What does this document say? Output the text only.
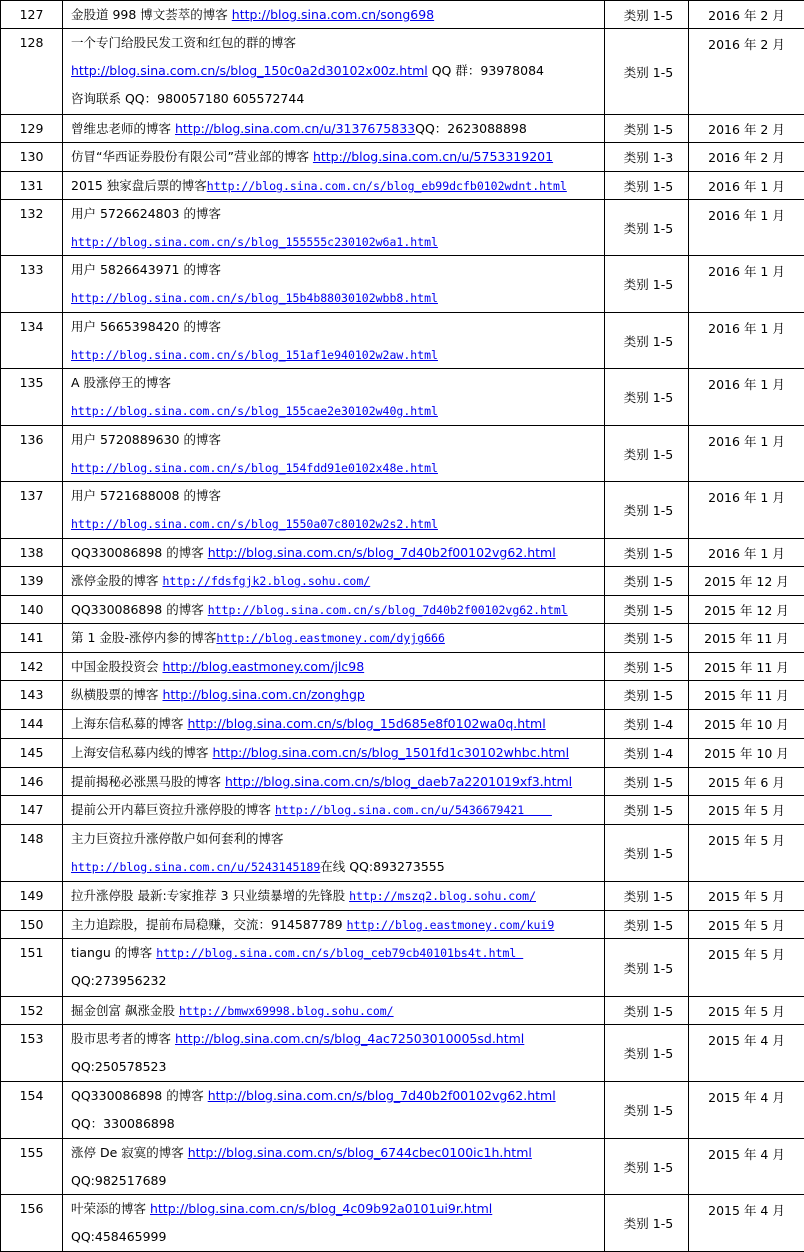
127	金股道 998 博文荟萃的博客 http://blog.sina.com.cn/song698	类别 1-5	2016 年 2 月
128	一个专门给股民发工资和红包的群的博客
http://blog.sina.com.cn/s/blog_150c0a2d30102x00z.html QQ 群：93978084
咨询联系 QQ：980057180 605572744	类别 1-5	2016 年 2 月
129	曾维忠老师的博客 http://blog.sina.com.cn/u/3137675833QQ：2623088898	类别 1-5	2016 年 2 月
130	仿冒“华西证券股份有限公司”营业部的博客 http://blog.sina.com.cn/u/5753319201	类别 1-3	2016 年 2 月
131	2015 独家盘后票的博客http://blog.sina.com.cn/s/blog_eb99dcfb0102wdnt.html	类别 1-5	2016 年 1 月
132	用户 5726624803 的博客
http://blog.sina.com.cn/s/blog_155555c230102w6a1.html	类别 1-5	2016 年 1 月
133	用户 5826643971 的博客
http://blog.sina.com.cn/s/blog_15b4b88030102wbb8.html	类别 1-5	2016 年 1 月
134	用户 5665398420 的博客
http://blog.sina.com.cn/s/blog_151af1e940102w2aw.html	类别 1-5	2016 年 1 月
135	A 股涨停王的博客
http://blog.sina.com.cn/s/blog_155cae2e30102w40g.html	类别 1-5	2016 年 1 月
136	用户 5720889630 的博客
http://blog.sina.com.cn/s/blog_154fdd91e0102x48e.html	类别 1-5	2016 年 1 月
137	用户 5721688008 的博客
http://blog.sina.com.cn/s/blog_1550a07c80102w2s2.html	类别 1-5	2016 年 1 月
138	QQ330086898 的博客 http://blog.sina.com.cn/s/blog_7d40b2f00102vg62.html	类别 1-5	2016 年 1 月
139	涨停金股的博客 http://fdsfgjk2.blog.sohu.com/	类别 1-5	2015 年 12 月
140	QQ330086898 的博客 http://blog.sina.com.cn/s/blog_7d40b2f00102vg62.html	类别 1-5	2015 年 12 月
141	第 1 金股-涨停内参的博客http://blog.eastmoney.com/dyjg666	类别 1-5	2015 年 11 月
142	中国金股投资会 http://blog.eastmoney.com/jlc98	类别 1-5	2015 年 11 月
143	纵横股票的博客 http://blog.sina.com.cn/zonghgp	类别 1-5	2015 年 11 月
144	上海东信私募的博客 http://blog.sina.com.cn/s/blog_15d685e8f0102wa0q.html	类别 1-4	2015 年 10 月
145	上海安信私募内线的博客 http://blog.sina.com.cn/s/blog_1501fd1c30102whbc.html	类别 1-4	2015 年 10 月
146	提前揭秘必涨黑马股的博客 http://blog.sina.com.cn/s/blog_daeb7a2201019xf3.html	类别 1-5	2015 年 6 月
147	提前公开内幕巨资拉升涨停股的博客 http://blog.sina.com.cn/u/5436679421	类别 1-5	2015 年 5 月
148	主力巨资拉升涨停散户如何套利的博客
http://blog.sina.com.cn/u/5243145189在线 QQ:893273555	类别 1-5	2015 年 5 月
149	拉升涨停股 最新:专家推荐 3 只业绩暴增的先锋股 http://mszq2.blog.sohu.com/	类别 1-5	2015 年 5 月
150	主力追踪股，提前布局稳赚，交流：914587789 http://blog.eastmoney.com/kui9	类别 1-5	2015 年 5 月
151	tiangu 的博客 http://blog.sina.com.cn/s/blog_ceb79cb40101bs4t.html
QQ:273956232	类别 1-5	2015 年 5 月
152	掘金创富 飙涨金股 http://bmwx69998.blog.sohu.com/	类别 1-5	2015 年 5 月
153	股市思考者的博客 http://blog.sina.com.cn/s/blog_4ac72503010005sd.html
QQ:250578523	类别 1-5	2015 年 4 月
154	QQ330086898 的博客 http://blog.sina.com.cn/s/blog_7d40b2f00102vg62.html
QQ：330086898	类别 1-5	2015 年 4 月
155	涨停 De 寂寞的博客 http://blog.sina.com.cn/s/blog_6744cbec0100ic1h.html
QQ:982517689	类别 1-5	2015 年 4 月
156	叶荣添的博客 http://blog.sina.com.cn/s/blog_4c09b92a0101ui9r.html
QQ:458465999	类别 1-5	2015 年 4 月
